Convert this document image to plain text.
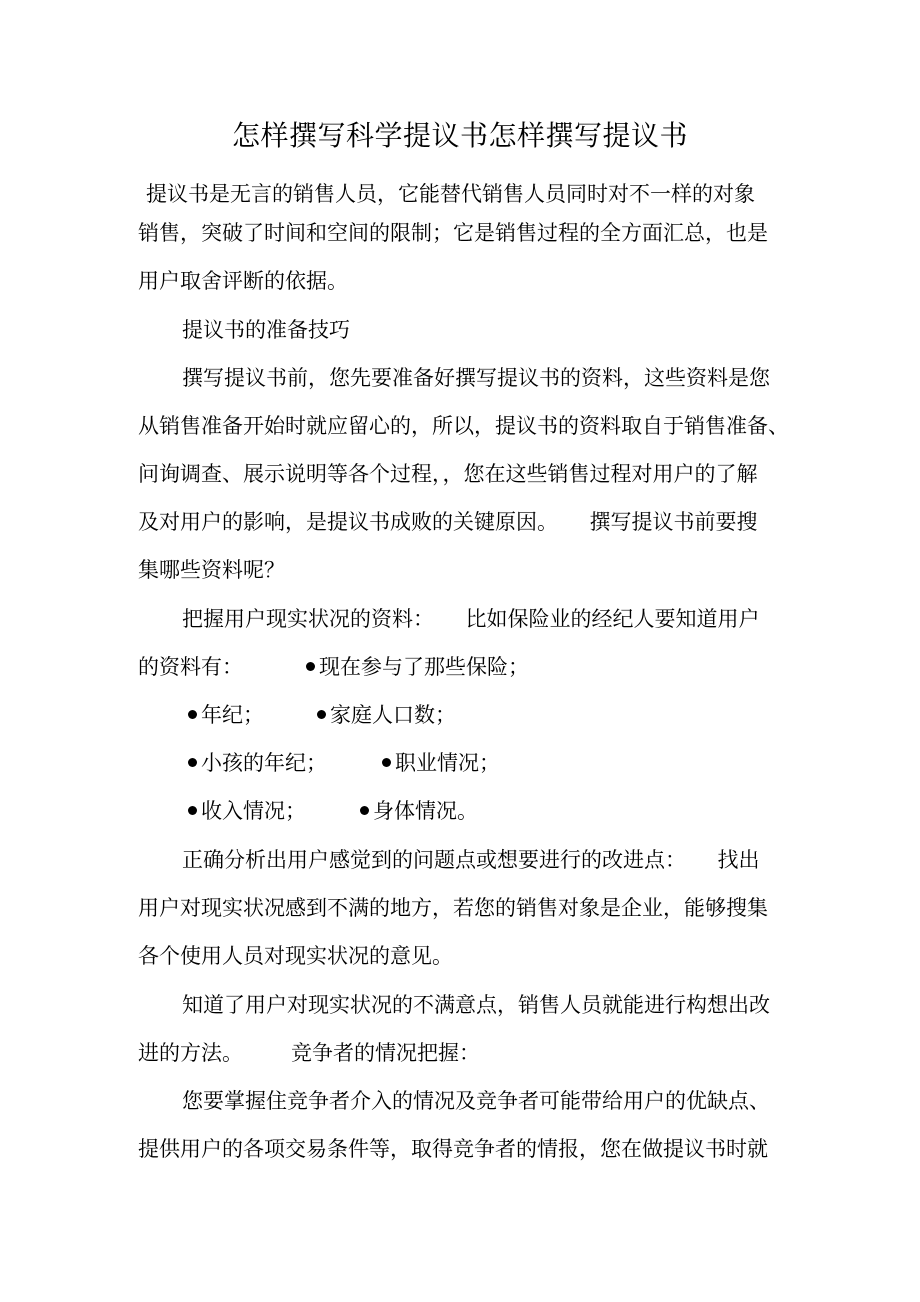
怎样撰写科学提议书怎样撰写提议书

提议书是无言的销售人员，它能替代销售人员同时对不一样的对象

销售，突破了时间和空间的限制；它是销售过程的全方面汇总，也是

用户取舍评断的依据。

提议书的准备技巧

撰写提议书前，您先要准备好撰写提议书的资料，这些资料是您

从销售准备开始时就应留心的，所以，提议书的资料取自于销售准备、

问询调查、展示说明等各个过程，，您在这些销售过程对用户的了解

及对用户的影响，是提议书成败的关键原因。　　撰写提议书前要搜

集哪些资料呢？

把握用户现实状况的资料：　　比如保险业的经纪人要知道用户

的资料有：	现在参与了那些保险；
年纪；	家庭人口数；
小孩的年纪；	职业情况；
收入情况；	身体情况。

正确分析出用户感觉到的问题点或想要进行的改进点：　　找出

用户对现实状况感到不满的地方，若您的销售对象是企业，能够搜集

各个使用人员对现实状况的意见。

知道了用户对现实状况的不满意点，销售人员就能进行构想出改

进的方法。 竞争者的情况把握：

您要掌握住竞争者介入的情况及竞争者可能带给用户的优缺点、

提供用户的各项交易条件等，取得竞争者的情报，您在做提议书时就
